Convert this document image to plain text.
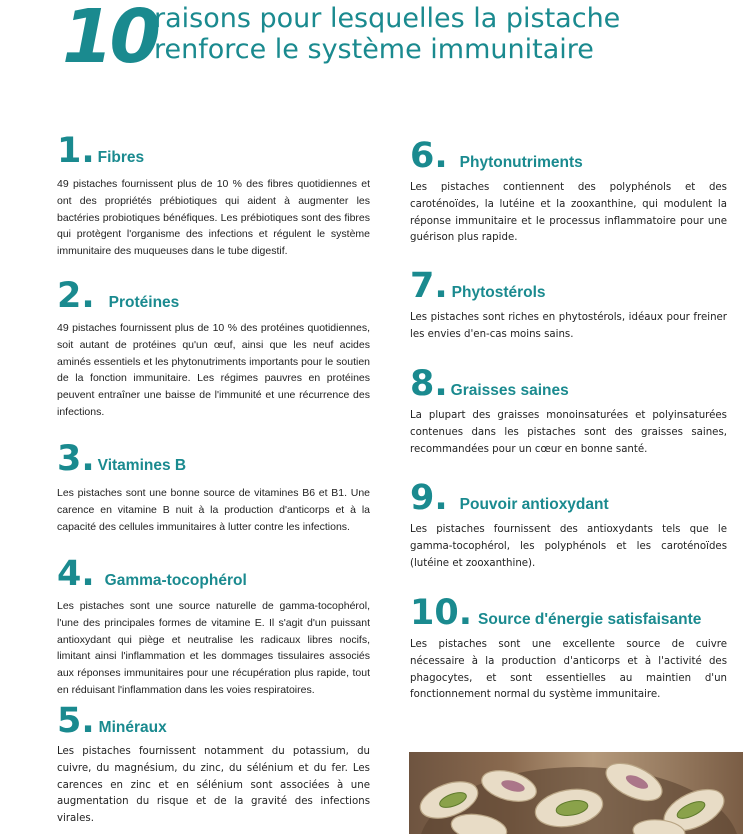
10
raisons pour lesquelles la pistache
renforce le système immunitaire
1. Fibres
49 pistaches fournissent plus de 10 % des fibres quotidiennes et ont des propriétés prébiotiques qui aident à augmenter les bactéries probiotiques bénéfiques. Les prébiotiques sont des fibres qui protègent l'organisme des infections et régulent le système immunitaire des muqueuses dans le tube digestif.
2. Protéines
49 pistaches fournissent plus de 10 % des protéines quotidiennes, soit autant de protéines qu'un œuf, ainsi que les neuf acides aminés essentiels et les phytonutriments importants pour le soutien de la fonction immunitaire. Les régimes pauvres en protéines peuvent entraîner une baisse de l'immunité et une récurrence des infections.
3. Vitamines B
Les pistaches sont une bonne source de vitamines B6 et B1. Une carence en vitamine B nuit à la production d'anticorps et à la capacité des cellules immunitaires à lutter contre les infections.
4. Gamma-tocophérol
Les pistaches sont une source naturelle de gamma-tocophérol, l'une des principales formes de vitamine E. Il s'agit d'un puissant antioxydant qui piège et neutralise les radicaux libres nocifs, limitant ainsi l'inflammation et les dommages tissulaires associés aux réponses immunitaires pour une récupération plus rapide, tout en réduisant l'inflammation dans les voies respiratoires.
5. Minéraux
Les pistaches fournissent notamment du potassium, du cuivre, du magnésium, du zinc, du sélénium et du fer. Les carences en zinc et en sélénium sont associées à une augmentation du risque et de la gravité des infections virales.
6. Phytonutriments
Les pistaches contiennent des polyphénols et des caroténoïdes, la lutéine et la zooxanthine, qui modulent la réponse immunitaire et le processus inflammatoire pour une guérison plus rapide.
7. Phytostérols
Les pistaches sont riches en phytostérols, idéaux pour freiner les envies d'en-cas moins sains.
8. Graisses saines
La plupart des graisses monoinsaturées et polyinsaturées contenues dans les pistaches sont des graisses saines, recommandées pour un cœur en bonne santé.
9. Pouvoir antioxydant
Les pistaches fournissent des antioxydants tels que le gamma-tocophérol, les polyphénols et les caroténoïdes (lutéine et zooxanthine).
10. Source d'énergie satisfaisante
Les pistaches sont une excellente source de cuivre nécessaire à la production d'anticorps et à l'activité des phagocytes, et sont essentielles au maintien d'un fonctionnement normal du système immunitaire.
